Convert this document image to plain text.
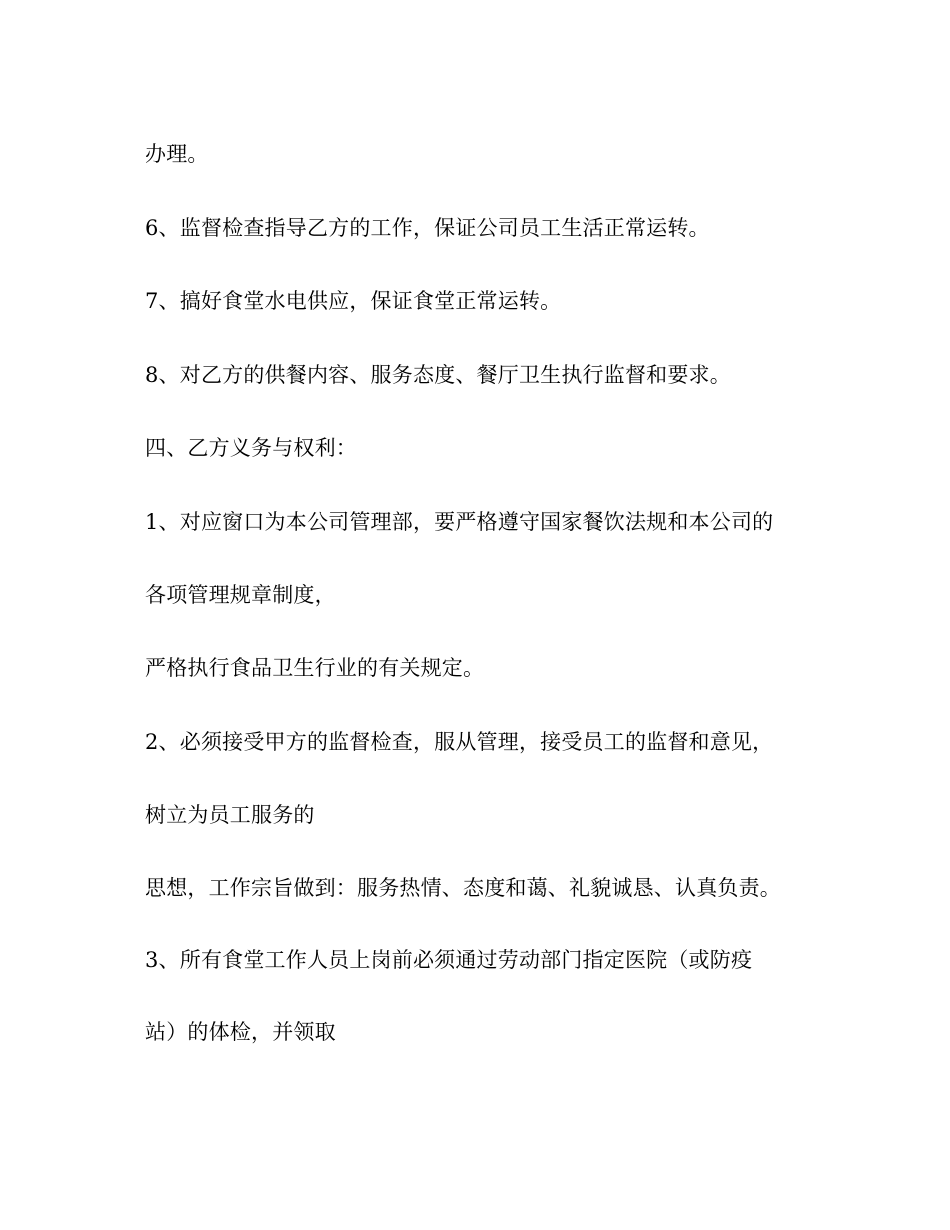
办理。
6、监督检查指导乙方的工作，保证公司员工生活正常运转。
7、搞好食堂水电供应，保证食堂正常运转。
8、对乙方的供餐内容、服务态度、餐厅卫生执行监督和要求。
四、乙方义务与权利：
1、对应窗口为本公司管理部，要严格遵守国家餐饮法规和本公司的
各项管理规章制度，
严格执行食品卫生行业的有关规定。
2、必须接受甲方的监督检查，服从管理，接受员工的监督和意见，
树立为员工服务的
思想，工作宗旨做到：服务热情、态度和蔼、礼貌诚恳、认真负责。
3、所有食堂工作人员上岗前必须通过劳动部门指定医院（或防疫
站）的体检，并领取
